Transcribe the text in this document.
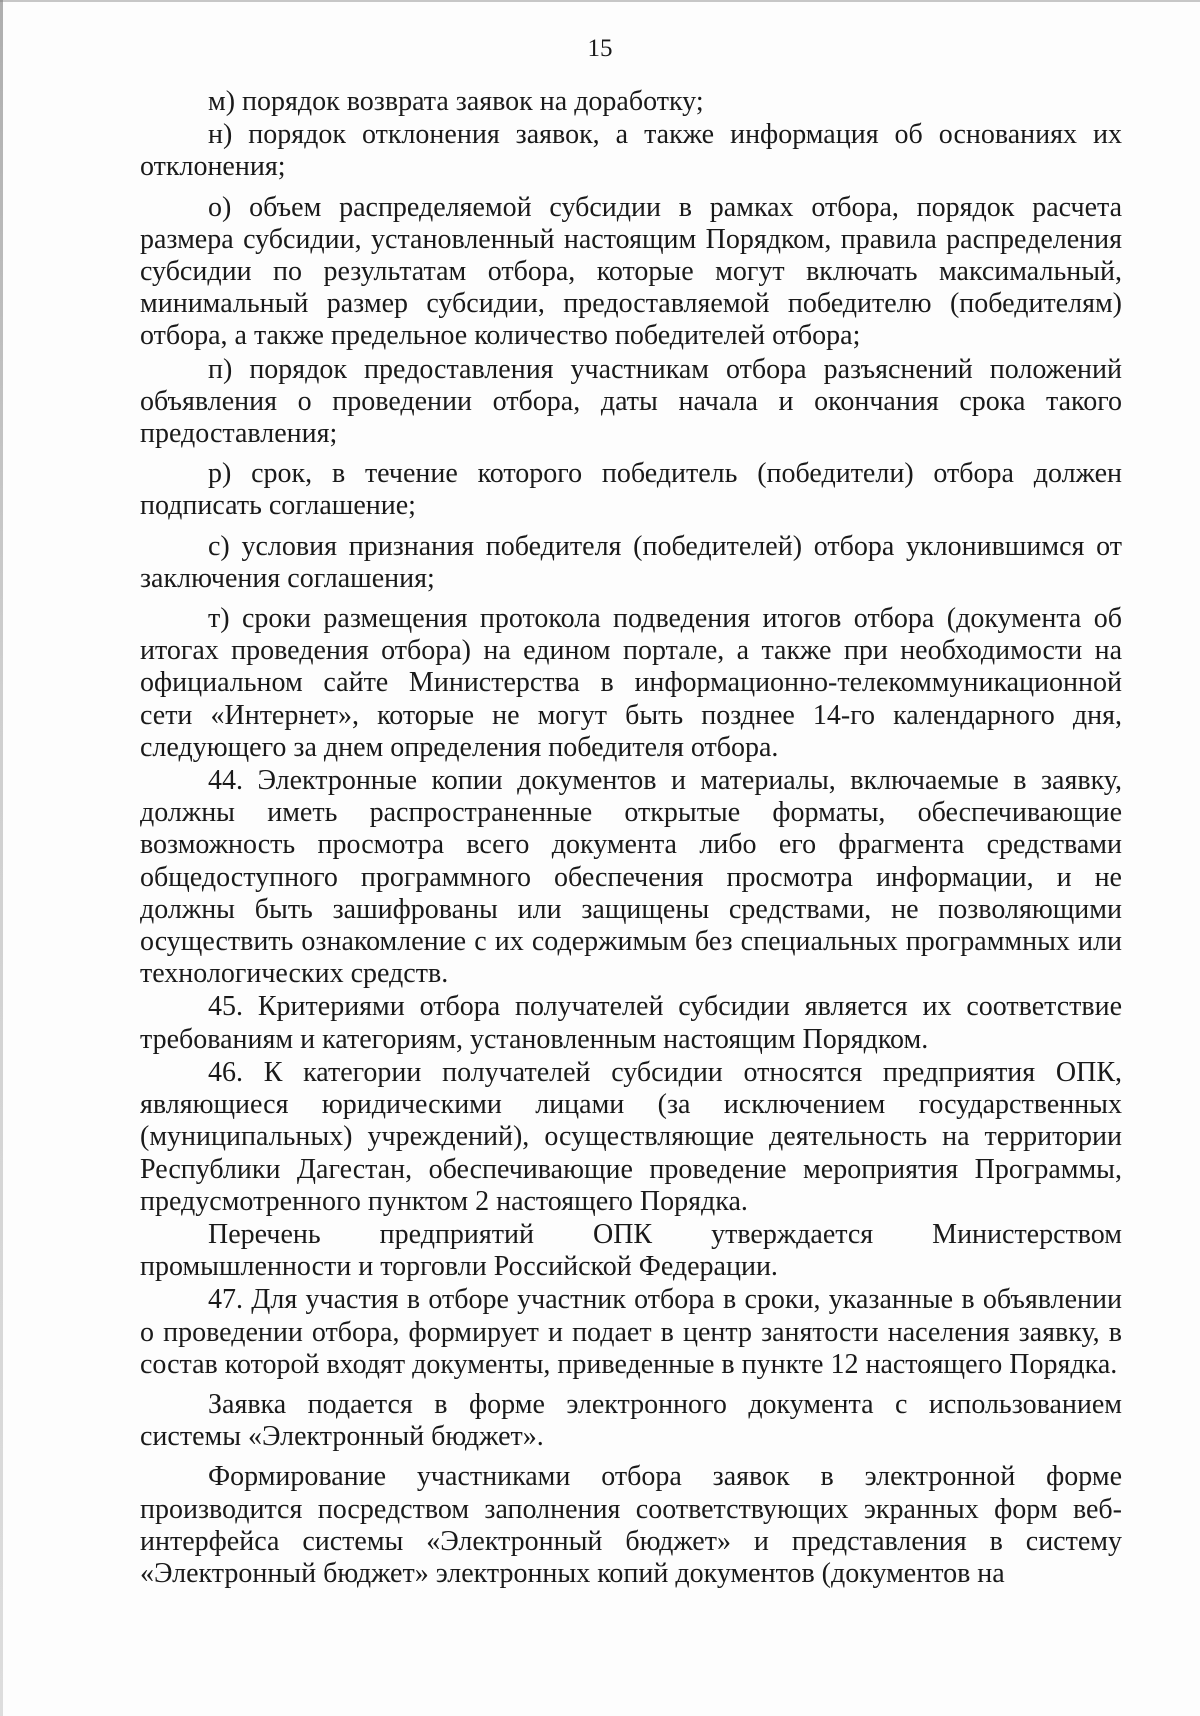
15

м) порядок возврата заявок на доработку;

н) порядок отклонения заявок, а также информация об основаниях их отклонения;

о) объем распределяемой субсидии в рамках отбора, порядок расчета размера субсидии, установленный настоящим Порядком, правила распределения субсидии по результатам отбора, которые могут включать максимальный, минимальный размер субсидии, предоставляемой победителю (победителям) отбора, а также предельное количество победителей отбора;

п) порядок предоставления участникам отбора разъяснений положений объявления о проведении отбора, даты начала и окончания срока такого предоставления;

р) срок, в течение которого победитель (победители) отбора должен подписать соглашение;

с) условия признания победителя (победителей) отбора уклонившимся от заключения соглашения;

т) сроки размещения протокола подведения итогов отбора (документа об итогах проведения отбора) на едином портале, а также при необходимости на официальном сайте Министерства в информационно-телекоммуникационной сети «Интернет», которые не могут быть позднее 14-го календарного дня, следующего за днем определения победителя отбора.

44. Электронные копии документов и материалы, включаемые в заявку, должны иметь распространенные открытые форматы, обеспечивающие возможность просмотра всего документа либо его фрагмента средствами общедоступного программного обеспечения просмотра информации, и не должны быть зашифрованы или защищены средствами, не позволяющими осуществить ознакомление с их содержимым без специальных программных или технологических средств.

45. Критериями отбора получателей субсидии является их соответствие требованиям и категориям, установленным настоящим Порядком.

46. К категории получателей субсидии относятся предприятия ОПК, являющиеся юридическими лицами (за исключением государственных (муниципальных) учреждений), осуществляющие деятельность на территории Республики Дагестан, обеспечивающие проведение мероприятия Программы, предусмотренного пунктом 2 настоящего Порядка.

Перечень предприятий ОПК утверждается Министерством промышленности и торговли Российской Федерации.

47. Для участия в отборе участник отбора в сроки, указанные в объявлении о проведении отбора, формирует и подает в центр занятости населения заявку, в состав которой входят документы, приведенные в пункте 12 настоящего Порядка.

Заявка подается в форме электронного документа с использованием системы «Электронный бюджет».

Формирование участниками отбора заявок в электронной форме производится посредством заполнения соответствующих экранных форм веб-интерфейса системы «Электронный бюджет» и представления в систему «Электронный бюджет» электронных копий документов (документов на
